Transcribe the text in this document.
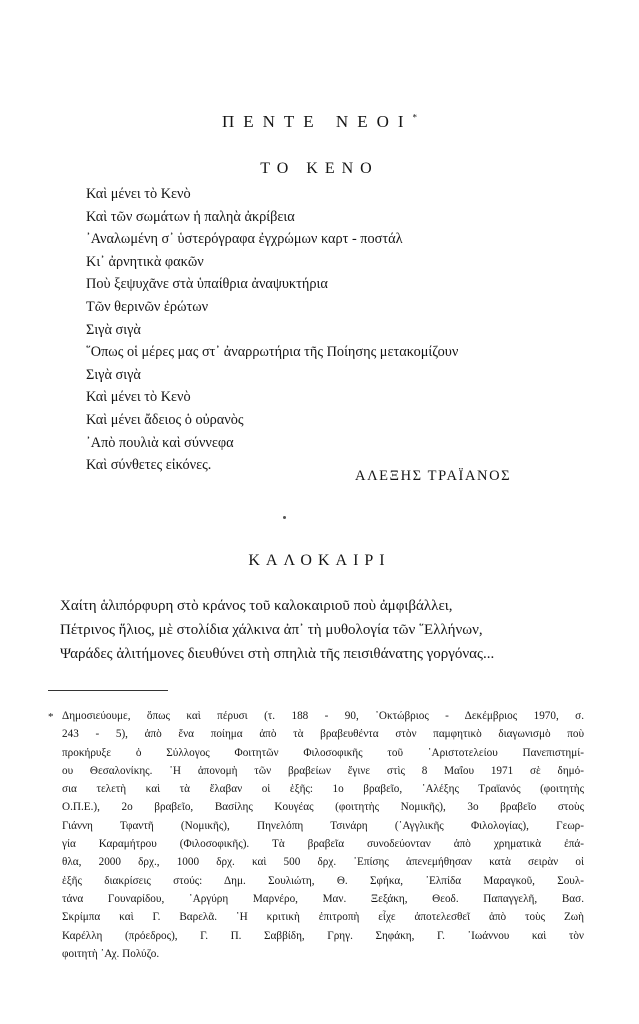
ΠΕΝΤΕ ΝΕΟΙ*
ΤΟ ΚΕΝΟ
Καὶ μένει τὸ Κενὸ
Καὶ τῶν σωμάτων ἡ παληὰ ἀκρίβεια
᾿Αναλωμένη σ᾿ ὑστερόγραφα ἐγχρώμων καρτ - ποστάλ
Κι᾿ ἀρνητικὰ φακῶν
Ποὺ ξεψυχᾶνε στὰ ὑπαίθρια ἀναψυκτήρια
Τῶν θερινῶν ἐρώτων
Σιγὰ σιγὰ
῞Οπως οἱ μέρες μας στ᾿ ἀναρρωτήρια τῆς Ποίησης μετακομίζουν
Σιγὰ σιγὰ
Καὶ μένει τὸ Κενὸ
Καὶ μένει ἄδειος ὁ οὐρανὸς
᾿Απὸ πουλιὰ καὶ σύννεφα
Καὶ σύνθετες εἰκόνες.
ΑΛΕΞΗΣ ΤΡΑΪΑΝΟΣ
ΚΑΛΟΚΑΙΡΙ
Χαίτη ἁλιπόρφυρη στὸ κράνος τοῦ καλοκαιριοῦ ποὺ ἀμφιβάλλει,
Πέτρινος ἥλιος, μὲ στολίδια χάλκινα ἀπ᾿ τὴ μυθολογία τῶν ῞Ελλήνων,
Ψαράδες ἀλιτήμονες διευθύνει στὴ σπηλιὰ τῆς πεισιθάνατης γοργόνας...
* Δημοσιεύουμε, ὅπως καὶ πέρυσι (τ. 188 - 90, ᾿Οκτώβριος - Δεκέμβριος 1970, σ.
243 - 5), ἀπὸ ἕνα ποίημα ἀπὸ τὰ βραβευθέντα στὸν παμφητικὸ διαγωνισμὸ ποὺ
προκήρυξε ὁ Σύλλογος Φοιτητῶν Φιλοσοφικῆς τοῦ ᾿Αριστοτελείου Πανεπιστημί-
ου Θεσαλονίκης. ῾Η ἀπονομὴ τῶν βραβείων ἔγινε στὶς 8 Μαΐου 1971 σὲ δημό-
σια τελετὴ καὶ τὰ ἔλαβαν οἱ ἑξῆς: 1ο βραβεῖο, ᾿Αλέξης Τραϊανός (φοιτητὴς
Ο.Π.Ε.), 2ο βραβεῖο, Βασίλης Κουγέας (φοιτητὴς Νομικῆς), 3ο βραβεῖο στοὺς
Γιάννη Τφαντῆ (Νομικῆς), Πηνελόπη Τσινάρη (᾿Αγγλικῆς Φιλολογίας), Γεωρ-
γία Καραμήτρου (Φιλοσοφικῆς). Τὰ βραβεῖα συνοδεύονταν ἀπὸ χρηματικὰ ἐπά-
θλα, 2000 δρχ., 1000 δρχ. καὶ 500 δρχ. ᾿Επίσης ἀπενεμήθησαν κατὰ σειρὰν οἱ
ἑξῆς διακρίσεις στούς: Δημ. Σουλιώτη, Θ. Σφήκα, ᾿Ελπίδα Μαραγκοῦ, Σουλ-
τάνα Γουναρίδου, ᾿Αργύρη Μαρνέρο, Μαν. Ξεξάκη, Θεοδ. Παπαγγελῆ, Βασ.
Σκρίμπα καὶ Γ. Βαρελᾶ. ῾Η κριτικὴ ἐπιτροπὴ εἶχε ἀποτελεσθεῖ ἀπὸ τοὺς Ζωὴ
Καρέλλη (πρόεδρος), Γ. Π. Σαββίδη, Γρηγ. Σηφάκη, Γ. ᾿Ιωάννου καὶ τὸν
φοιτητὴ ᾿Αχ. Πολύζο.
